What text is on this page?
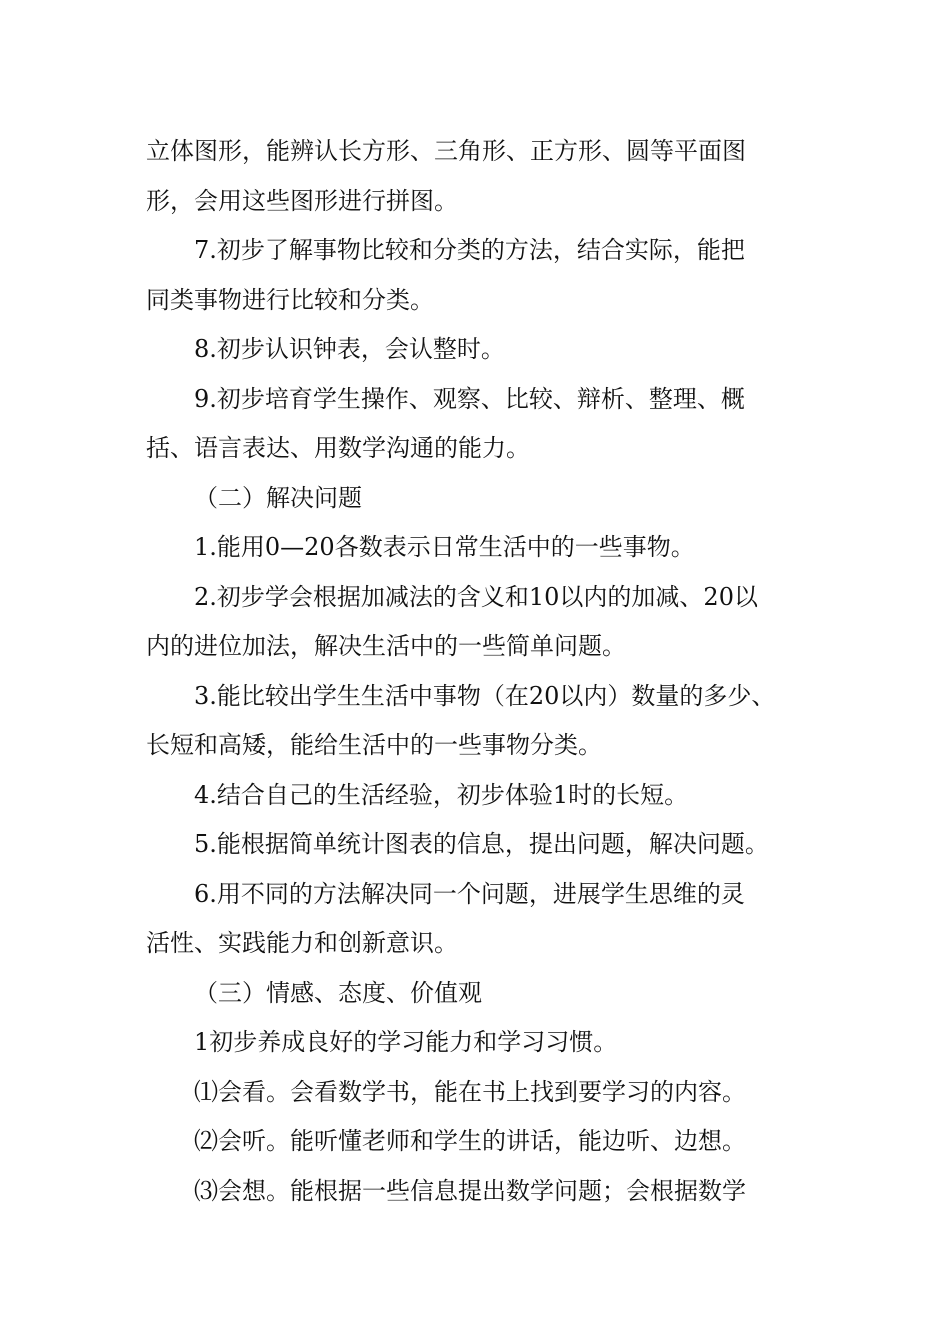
立体图形，能辨认长方形、三角形、正方形、圆等平面图

形，会用这些图形进行拼图。

7.初步了解事物比较和分类的方法，结合实际，能把

同类事物进行比较和分类。

8.初步认识钟表，会认整时。

9.初步培育学生操作、观察、比较、辩析、整理、概

括、语言表达、用数学沟通的能力。

（二）解决问题

1.能用0—20各数表示日常生活中的一些事物。

2.初步学会根据加减法的含义和10以内的加减、20以

内的进位加法，解决生活中的一些简单问题。

3.能比较出学生生活中事物（在20以内）数量的多少、

长短和高矮，能给生活中的一些事物分类。

4.结合自己的生活经验，初步体验1时的长短。

5.能根据简单统计图表的信息，提出问题，解决问题。

6.用不同的方法解决同一个问题，进展学生思维的灵

活性、实践能力和创新意识。

（三）情感、态度、价值观

1初步养成良好的学习能力和学习习惯。

⑴会看。会看数学书，能在书上找到要学习的内容。

⑵会听。能听懂老师和学生的讲话，能边听、边想。

⑶会想。能根据一些信息提出数学问题；会根据数学
